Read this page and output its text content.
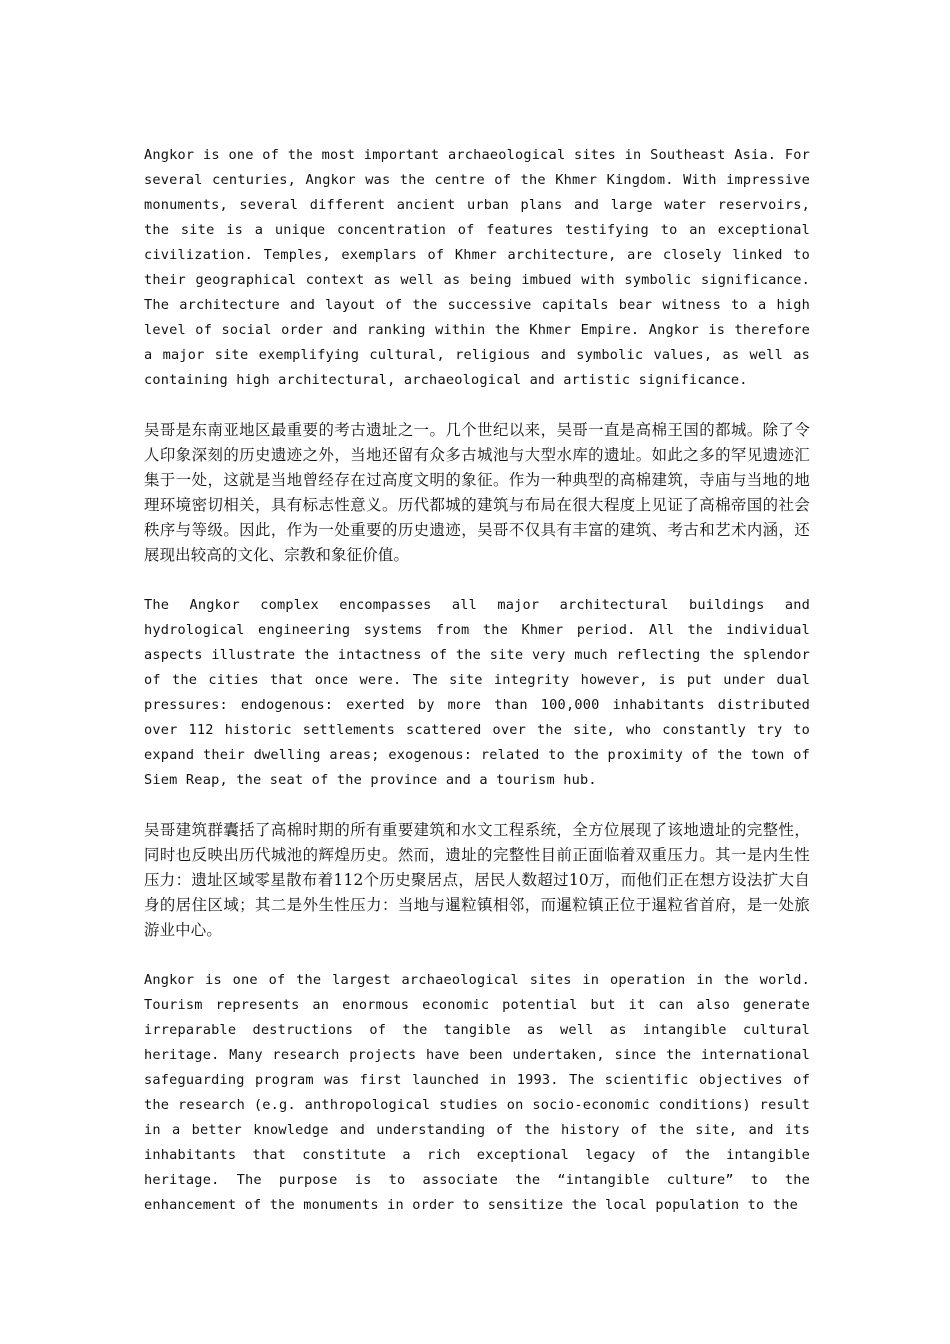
Angkor is one of the most important archaeological sites in Southeast Asia. For several centuries, Angkor was the centre of the Khmer Kingdom. With impressive monuments, several different ancient urban plans and large water reservoirs, the site is a unique concentration of features testifying to an exceptional civilization. Temples, exemplars of Khmer architecture, are closely linked to their geographical context as well as being imbued with symbolic significance. The architecture and layout of the successive capitals bear witness to a high level of social order and ranking within the Khmer Empire. Angkor is therefore a major site exemplifying cultural, religious and symbolic values, as well as containing high architectural, archaeological and artistic significance.

吴哥是东南亚地区最重要的考古遗址之一。几个世纪以来，吴哥一直是高棉王国的都城。除了令人印象深刻的历史遗迹之外，当地还留有众多古城池与大型水库的遗址。如此之多的罕见遗迹汇集于一处，这就是当地曾经存在过高度文明的象征。作为一种典型的高棉建筑，寺庙与当地的地理环境密切相关，具有标志性意义。历代都城的建筑与布局在很大程度上见证了高棉帝国的社会秩序与等级。因此，作为一处重要的历史遗迹，吴哥不仅具有丰富的建筑、考古和艺术内涵，还展现出较高的文化、宗教和象征价值。

The Angkor complex encompasses all major architectural buildings and hydrological engineering systems from the Khmer period. All the individual aspects illustrate the intactness of the site very much reflecting the splendor of the cities that once were. The site integrity however, is put under dual pressures: endogenous: exerted by more than 100,000 inhabitants distributed over 112 historic settlements scattered over the site, who constantly try to expand their dwelling areas; exogenous: related to the proximity of the town of Siem Reap, the seat of the province and a tourism hub.

吴哥建筑群囊括了高棉时期的所有重要建筑和水文工程系统，全方位展现了该地遗址的完整性，同时也反映出历代城池的辉煌历史。然而，遗址的完整性目前正面临着双重压力。其一是内生性压力：遗址区域零星散布着112个历史聚居点，居民人数超过10万，而他们正在想方设法扩大自身的居住区域；其二是外生性压力：当地与暹粒镇相邻，而暹粒镇正位于暹粒省首府，是一处旅游业中心。

Angkor is one of the largest archaeological sites in operation in the world. Tourism represents an enormous economic potential but it can also generate irreparable destructions of the tangible as well as intangible cultural heritage. Many research projects have been undertaken, since the international safeguarding program was first launched in 1993. The scientific objectives of the research (e.g. anthropological studies on socio-economic conditions) result in a better knowledge and understanding of the history of the site, and its inhabitants that constitute a rich exceptional legacy of the intangible heritage. The purpose is to associate the “intangible culture” to the enhancement of the monuments in order to sensitize the local population to the
